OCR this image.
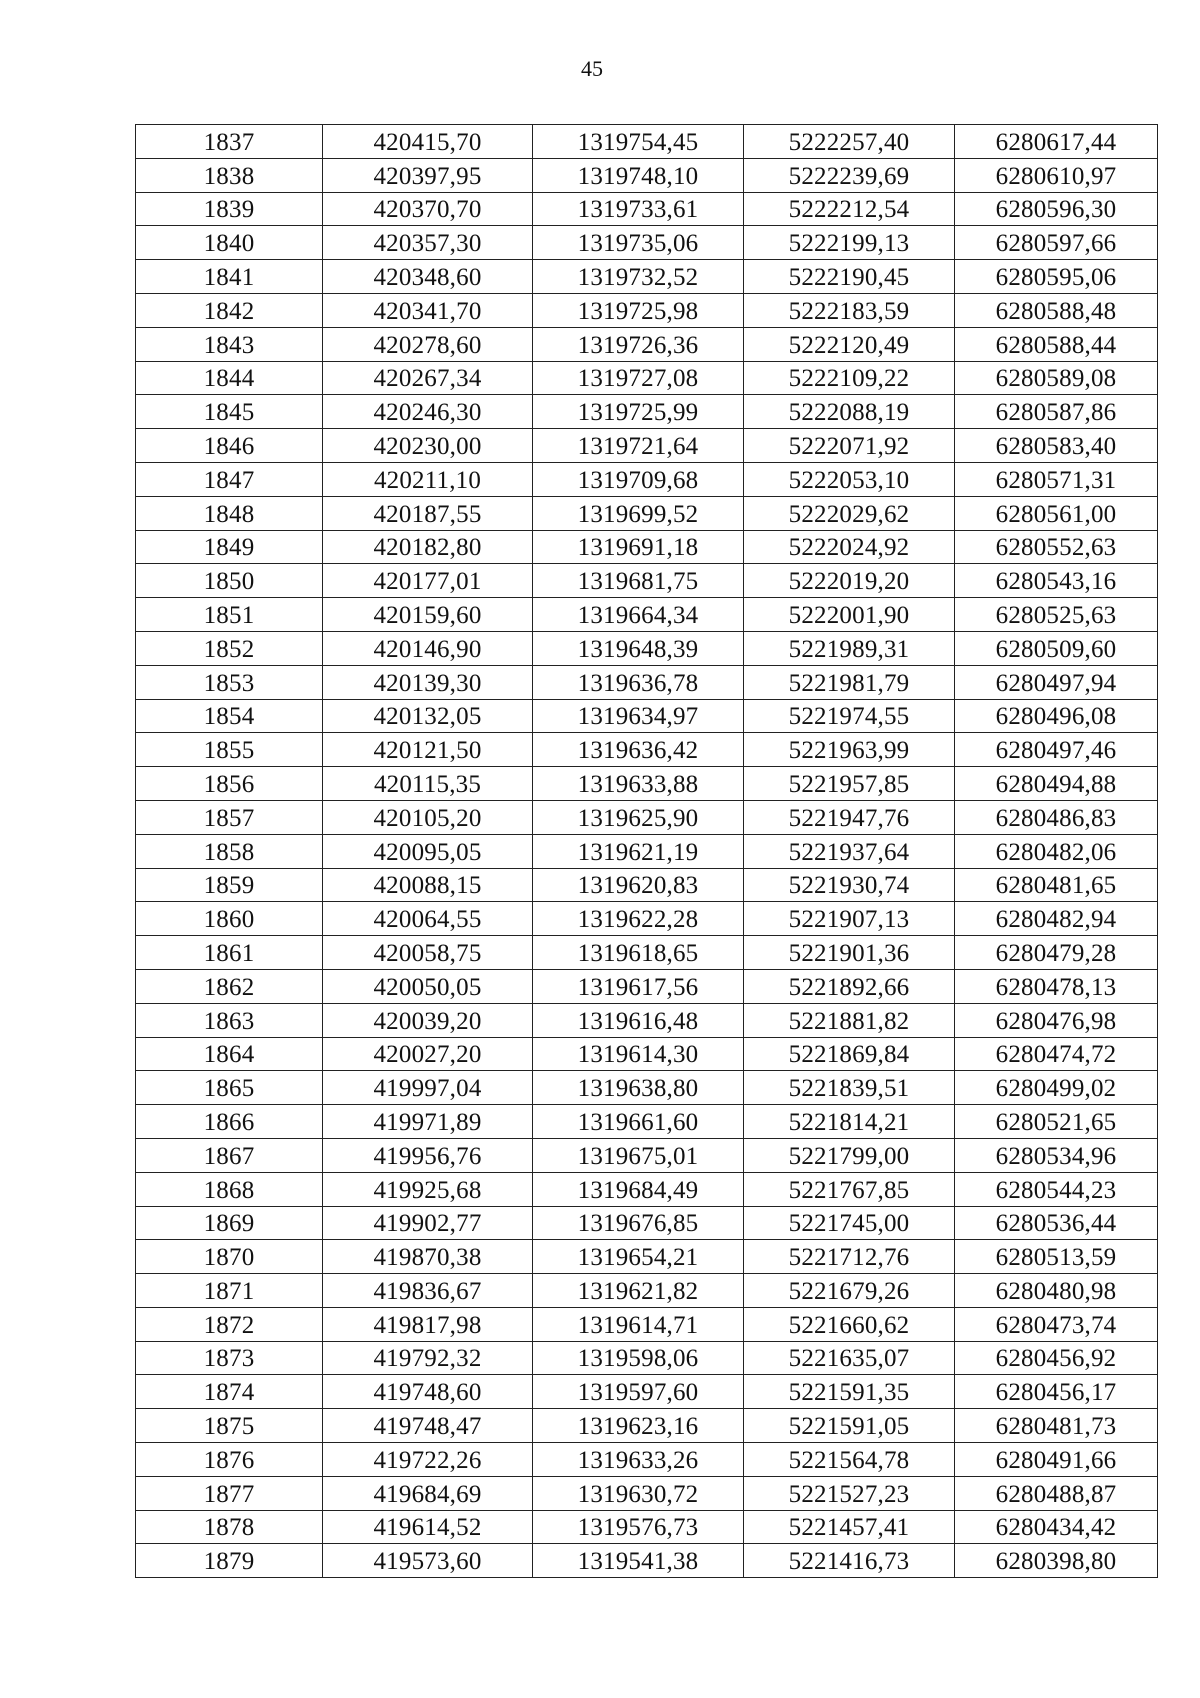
45
1837	420415,70	1319754,45	5222257,40	6280617,44
1838	420397,95	1319748,10	5222239,69	6280610,97
1839	420370,70	1319733,61	5222212,54	6280596,30
1840	420357,30	1319735,06	5222199,13	6280597,66
1841	420348,60	1319732,52	5222190,45	6280595,06
1842	420341,70	1319725,98	5222183,59	6280588,48
1843	420278,60	1319726,36	5222120,49	6280588,44
1844	420267,34	1319727,08	5222109,22	6280589,08
1845	420246,30	1319725,99	5222088,19	6280587,86
1846	420230,00	1319721,64	5222071,92	6280583,40
1847	420211,10	1319709,68	5222053,10	6280571,31
1848	420187,55	1319699,52	5222029,62	6280561,00
1849	420182,80	1319691,18	5222024,92	6280552,63
1850	420177,01	1319681,75	5222019,20	6280543,16
1851	420159,60	1319664,34	5222001,90	6280525,63
1852	420146,90	1319648,39	5221989,31	6280509,60
1853	420139,30	1319636,78	5221981,79	6280497,94
1854	420132,05	1319634,97	5221974,55	6280496,08
1855	420121,50	1319636,42	5221963,99	6280497,46
1856	420115,35	1319633,88	5221957,85	6280494,88
1857	420105,20	1319625,90	5221947,76	6280486,83
1858	420095,05	1319621,19	5221937,64	6280482,06
1859	420088,15	1319620,83	5221930,74	6280481,65
1860	420064,55	1319622,28	5221907,13	6280482,94
1861	420058,75	1319618,65	5221901,36	6280479,28
1862	420050,05	1319617,56	5221892,66	6280478,13
1863	420039,20	1319616,48	5221881,82	6280476,98
1864	420027,20	1319614,30	5221869,84	6280474,72
1865	419997,04	1319638,80	5221839,51	6280499,02
1866	419971,89	1319661,60	5221814,21	6280521,65
1867	419956,76	1319675,01	5221799,00	6280534,96
1868	419925,68	1319684,49	5221767,85	6280544,23
1869	419902,77	1319676,85	5221745,00	6280536,44
1870	419870,38	1319654,21	5221712,76	6280513,59
1871	419836,67	1319621,82	5221679,26	6280480,98
1872	419817,98	1319614,71	5221660,62	6280473,74
1873	419792,32	1319598,06	5221635,07	6280456,92
1874	419748,60	1319597,60	5221591,35	6280456,17
1875	419748,47	1319623,16	5221591,05	6280481,73
1876	419722,26	1319633,26	5221564,78	6280491,66
1877	419684,69	1319630,72	5221527,23	6280488,87
1878	419614,52	1319576,73	5221457,41	6280434,42
1879	419573,60	1319541,38	5221416,73	6280398,80
